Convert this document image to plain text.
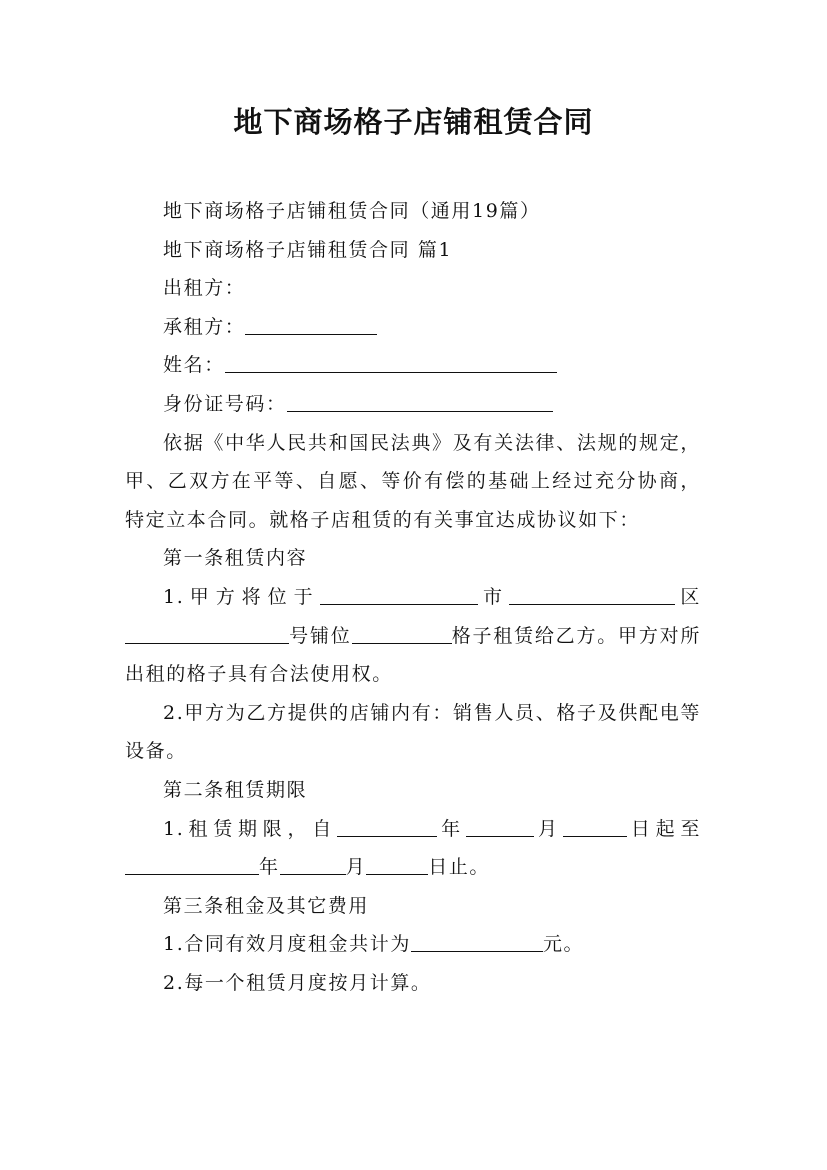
地下商场格子店铺租赁合同

地下商场格子店铺租赁合同（通用19篇）

地下商场格子店铺租赁合同 篇1

出租方：

承租方：

姓名：

身份证号码：

依据《中华人民共和国民法典》及有关法律、法规的规定，甲、乙双方在平等、自愿、等价有偿的基础上经过充分协商，特定立本合同。就格子店租赁的有关事宜达成协议如下：

第一条租赁内容

1.甲方将位于	市	区号铺位	格子租赁给乙方。甲方对所出租的格子具有合法使用权。

2.甲方为乙方提供的店铺内有：销售人员、格子及供配电等设备。

第二条租赁期限

1.租赁期限，自	年	月	日起至年	月	日止。

第三条租金及其它费用

1.合同有效月度租金共计为	元。

2.每一个租赁月度按月计算。
